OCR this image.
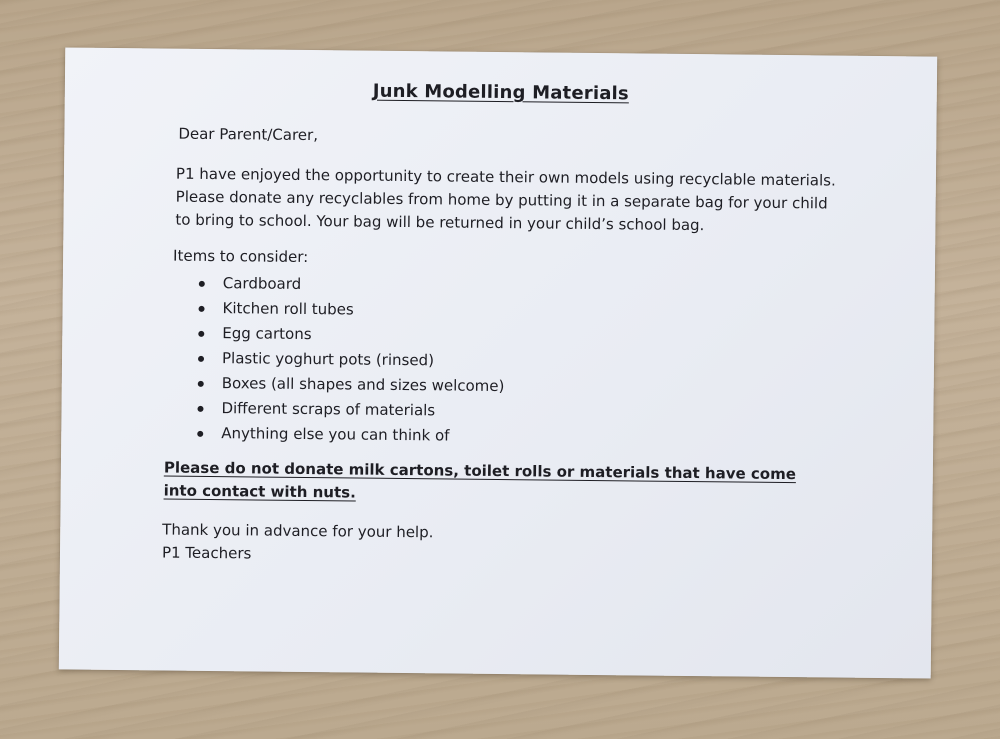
Junk Modelling Materials
Dear Parent/Carer,
P1 have enjoyed the opportunity to create their own models using recyclable materials. Please donate any recyclables from home by putting it in a separate bag for your child to bring to school. Your bag will be returned in your child’s school bag.
Items to consider:
Cardboard
Kitchen roll tubes
Egg cartons
Plastic yoghurt pots (rinsed)
Boxes (all shapes and sizes welcome)
Different scraps of materials
Anything else you can think of
Please do not donate milk cartons, toilet rolls or materials that have come into contact with nuts.
Thank you in advance for your help.
P1 Teachers
